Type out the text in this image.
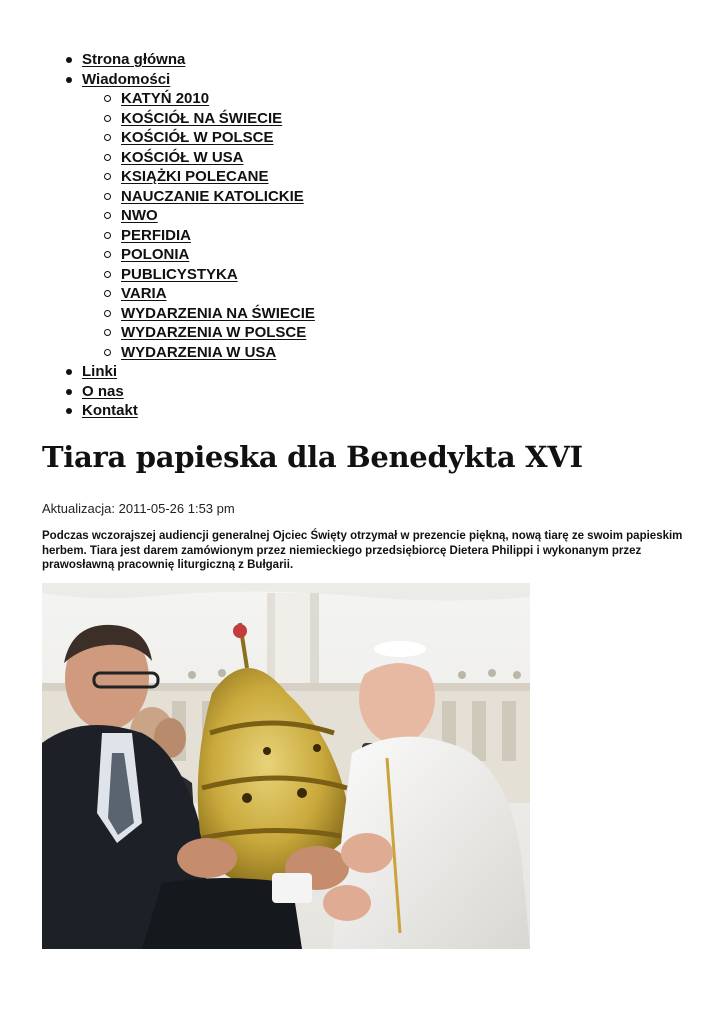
Strona główna
Wiadomości
KATYŃ 2010
KOŚCIÓŁ NA ŚWIECIE
KOŚCIÓŁ W POLSCE
KOŚCIÓŁ W USA
KSIĄŻKI POLECANE
NAUCZANIE KATOLICKIE
NWO
PERFIDIA
POLONIA
PUBLICYSTYKA
VARIA
WYDARZENIA NA ŚWIECIE
WYDARZENIA W POLSCE
WYDARZENIA W USA
Linki
O nas
Kontakt
Tiara papieska dla Benedykta XVI
Aktualizacja: 2011-05-26 1:53 pm

Podczas wczorajszej audiencji generalnej Ojciec Święty otrzymał w prezencie piękną, nową tiarę ze swoim papieskim herbem. Tiara jest darem zamówionym przez niemieckiego przedsiębiorcę Dietera Philippi i wykonanym przez prawosławną pracownię liturgiczną z Bułgarii.
